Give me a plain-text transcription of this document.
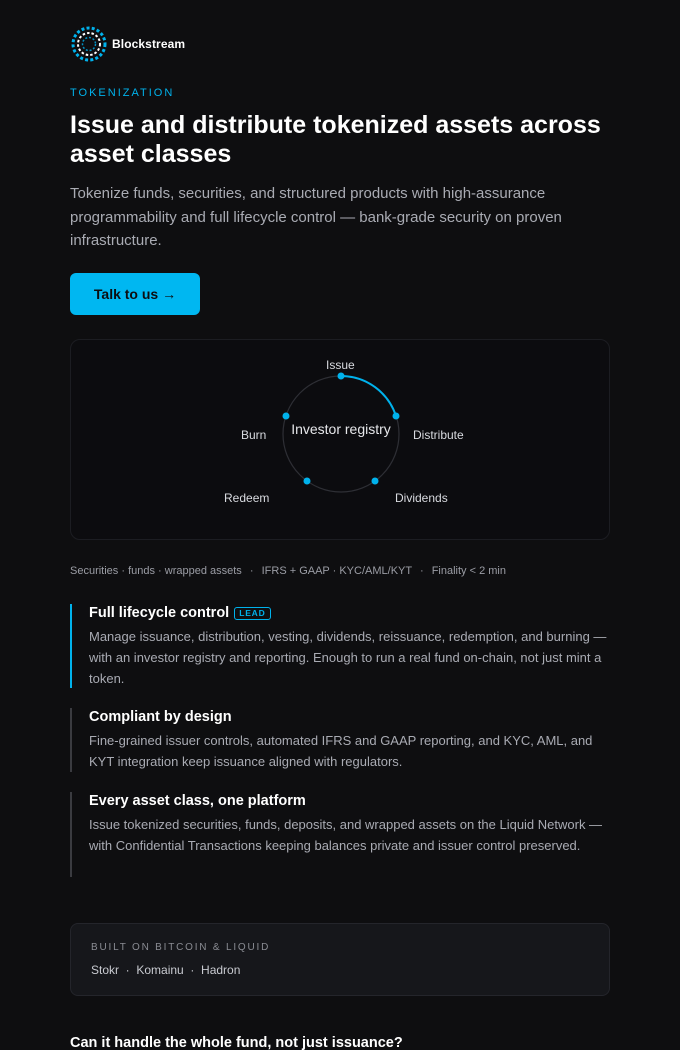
Blockstream
TOKENIZATION
Issue and distribute tokenized assets across asset classes

Tokenize funds, securities, and structured products with high-assurance programmability and full lifecycle control — bank-grade security on proven infrastructure.

Talk to us →
Investor registry
Issue
Distribute
Dividends
Redeem
Burn
Securities · funds · wrapped assets · IFRS + GAAP · KYC/AML/KYT · Finality < 2 min
Full lifecycle control	LEAD
Manage issuance, distribution, vesting, dividends, reissuance, redemption, and burning — with an investor registry and reporting. Enough to run a real fund on-chain, not just mint a token.
Compliant by design
Fine-grained issuer controls, automated IFRS and GAAP reporting, and KYC, AML, and KYT integration keep issuance aligned with regulators.
Every asset class, one platform
Issue tokenized securities, funds, deposits, and wrapped assets on the Liquid Network — with Confidential Transactions keeping balances private and issuer control preserved.
BUILT ON BITCOIN & LIQUID
Stokr  ·  Komainu  ·  Hadron
Can it handle the whole fund, not just issuance?
